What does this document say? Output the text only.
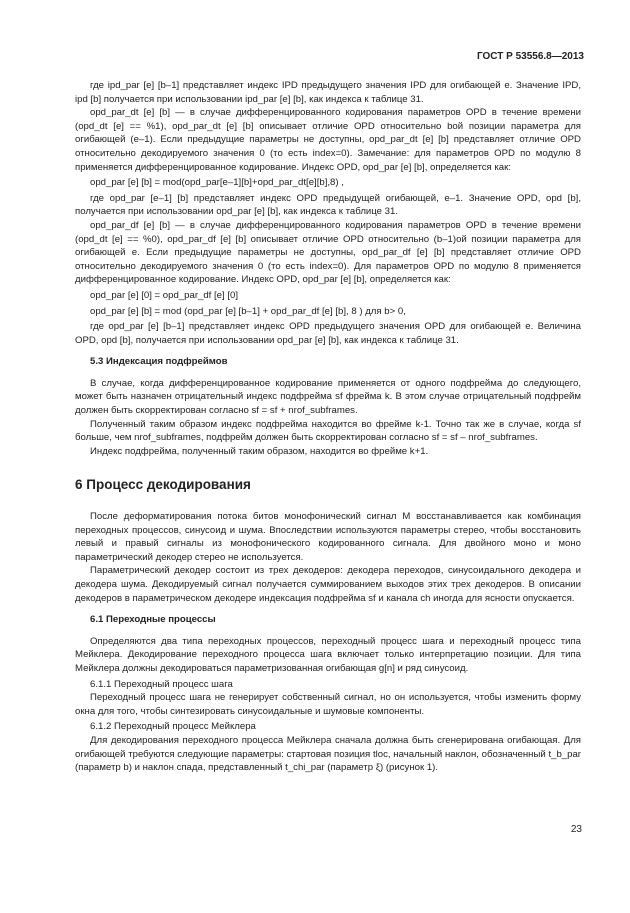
ГОСТ Р 53556.8—2013

где ipd_par [e] [b–1] представляет индекс IPD предыдущего значения IPD для огибающей e. Значение IPD, ipd [b] получается при использовании ipd_par [e] [b], как индекса к таблице 31.

opd_par_dt [e] [b] — в случае дифференцированного кодирования параметров OPD в течение времени (opd_dt [e] == %1), opd_par_dt [e] [b] описывает отличие OPD относительно bой позиции параметра для огибающей (e–1). Если предыдущие параметры не доступны, opd_par_dt [e] [b] представляет отличие OPD относительно декодируемого значения 0 (то есть index=0). Замечание: для параметров OPD по модулю 8 применяется дифференцированное кодирование. Индекс OPD, opd_par [e] [b], определяется как:

opd_par [e] [b] = mod(opd_par[e–1][b]+opd_par_dt[e][b],8) ,

где opd_par [e–1] [b] представляет индекс OPD предыдущей огибающей, e–1. Значение OPD, opd [b], получается при использовании opd_par [e] [b], как индекса к таблице 31.

opd_par_df [e] [b] — в случае дифференцированного кодирования параметров OPD в течение времени (opd_dt [e] == %0), opd_par_df [e] [b] описывает отличие OPD относительно (b–1)ой позиции параметра для огибающей e. Если предыдущие параметры не доступны, opd_par_df [e] [b] представляет отличие OPD относительно декодируемого значения 0 (то есть index=0). Для параметров OPD по модулю 8 применяется дифференцированное кодирование. Индекс OPD, opd_par [e] [b], определяется как:

opd_par [e] [0] = opd_par_df [e] [0]

opd_par [e] [b] = mod (opd_par [e] [b–1] + opd_par_df [e] [b], 8 ) для b> 0,

где opd_par [e] [b–1] представляет индекс OPD предыдущего значения OPD для огибающей e. Величина OPD, opd [b], получается при использовании opd_par [e] [b], как индекса к таблице 31.

5.3 Индексация подфреймов

В случае, когда дифференцированное кодирование применяется от одного подфрейма до следующего, может быть назначен отрицательный индекс подфрейма sf фрейма k. В этом случае отрицательный подфрейм должен быть скорректирован согласно sf = sf + nrof_subframes.

Полученный таким образом индекс подфрейма находится во фрейме k-1. Точно так же в случае, когда sf больше, чем nrof_subframes, подфрейм должен быть скорректирован согласно sf = sf – nrof_subframes.

Индекс подфрейма, полученный таким образом, находится во фрейме k+1.

6 Процесс декодирования

После деформатирования потока битов монофонический сигнал M восстанавливается как комбинация переходных процессов, синусоид и шума. Впоследствии используются параметры стерео, чтобы восстановить левый и правый сигналы из монофонического кодированного сигнала. Для двойного моно и моно параметрический декодер стерео не используется.

Параметрический декодер состоит из трех декодеров: декодера переходов, синусоидального декодера и декодера шума. Декодируемый сигнал получается суммированием выходов этих трех декодеров. В описании декодеров в параметрическом декодере индексация подфрейма sf и канала ch иногда для ясности опускается.

6.1 Переходные процессы

Определяются два типа переходных процессов, переходный процесс шага и переходный процесс типа Мейклера. Декодирование переходного процесса шага включает только интерпретацию позиции. Для типа Мейклера должны декодироваться параметризованная огибающая g[n] и ряд синусоид.

6.1.1 Переходный процесс шага

Переходный процесс шага не генерирует собственный сигнал, но он используется, чтобы изменить форму окна для того, чтобы синтезировать синусоидальные и шумовые компоненты.

6.1.2 Переходный процесс Мейклера

Для декодирования переходного процесса Мейклера сначала должна быть сгенерирована огибающая. Для огибающей требуются следующие параметры: стартовая позиция tloc, начальный наклон, обозначенный t_b_par (параметр b) и наклон спада, представленный t_chi_par (параметр ξ) (рисунок 1).

23
